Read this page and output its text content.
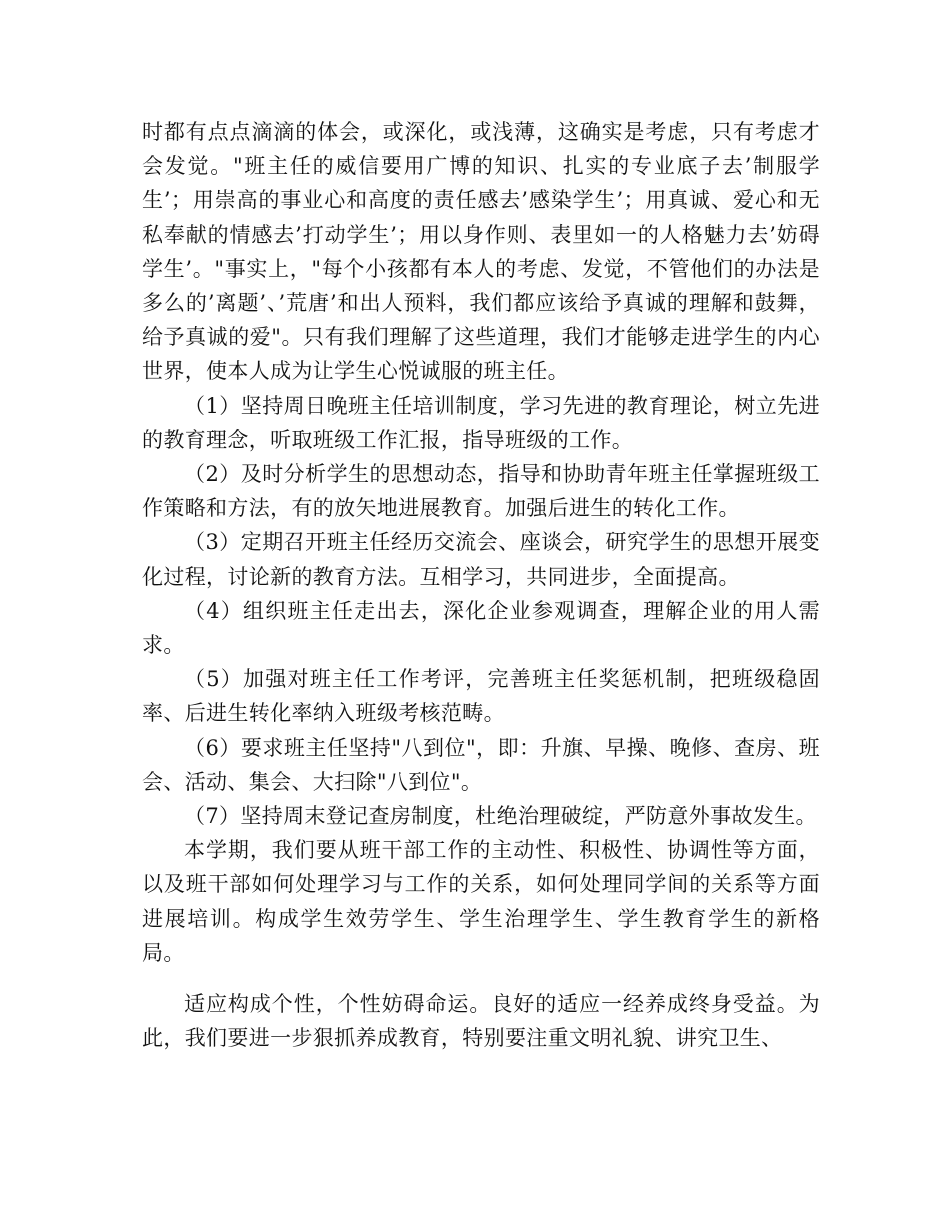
时都有点点滴滴的体会，或深化，或浅薄，这确实是考虑，只有考虑才会发觉。"班主任的威信要用广博的知识、扎实的专业底子去’制服学生’；用崇高的事业心和高度的责任感去’感染学生’；用真诚、爱心和无私奉献的情感去’打动学生’；用以身作则、表里如一的人格魅力去’妨碍学生’。"事实上，"每个小孩都有本人的考虑、发觉，不管他们的办法是多么的’离题’、’荒唐’和出人预料，我们都应该给予真诚的理解和鼓舞，给予真诚的爱"。只有我们理解了这些道理，我们才能够走进学生的内心世界，使本人成为让学生心悦诚服的班主任。

（1）坚持周日晚班主任培训制度，学习先进的教育理论，树立先进的教育理念，听取班级工作汇报，指导班级的工作。

（2）及时分析学生的思想动态，指导和协助青年班主任掌握班级工作策略和方法，有的放矢地进展教育。加强后进生的转化工作。

（3）定期召开班主任经历交流会、座谈会，研究学生的思想开展变化过程，讨论新的教育方法。互相学习，共同进步，全面提高。

（4）组织班主任走出去，深化企业参观调查，理解企业的用人需求。

（5）加强对班主任工作考评，完善班主任奖惩机制，把班级稳固率、后进生转化率纳入班级考核范畴。

（6）要求班主任坚持"八到位"，即：升旗、早操、晚修、查房、班会、活动、集会、大扫除"八到位"。

（7）坚持周末登记查房制度，杜绝治理破绽，严防意外事故发生。

本学期，我们要从班干部工作的主动性、积极性、协调性等方面，以及班干部如何处理学习与工作的关系，如何处理同学间的关系等方面进展培训。构成学生效劳学生、学生治理学生、学生教育学生的新格局。

适应构成个性，个性妨碍命运。良好的适应一经养成终身受益。为此，我们要进一步狠抓养成教育，特别要注重文明礼貌、讲究卫生、
